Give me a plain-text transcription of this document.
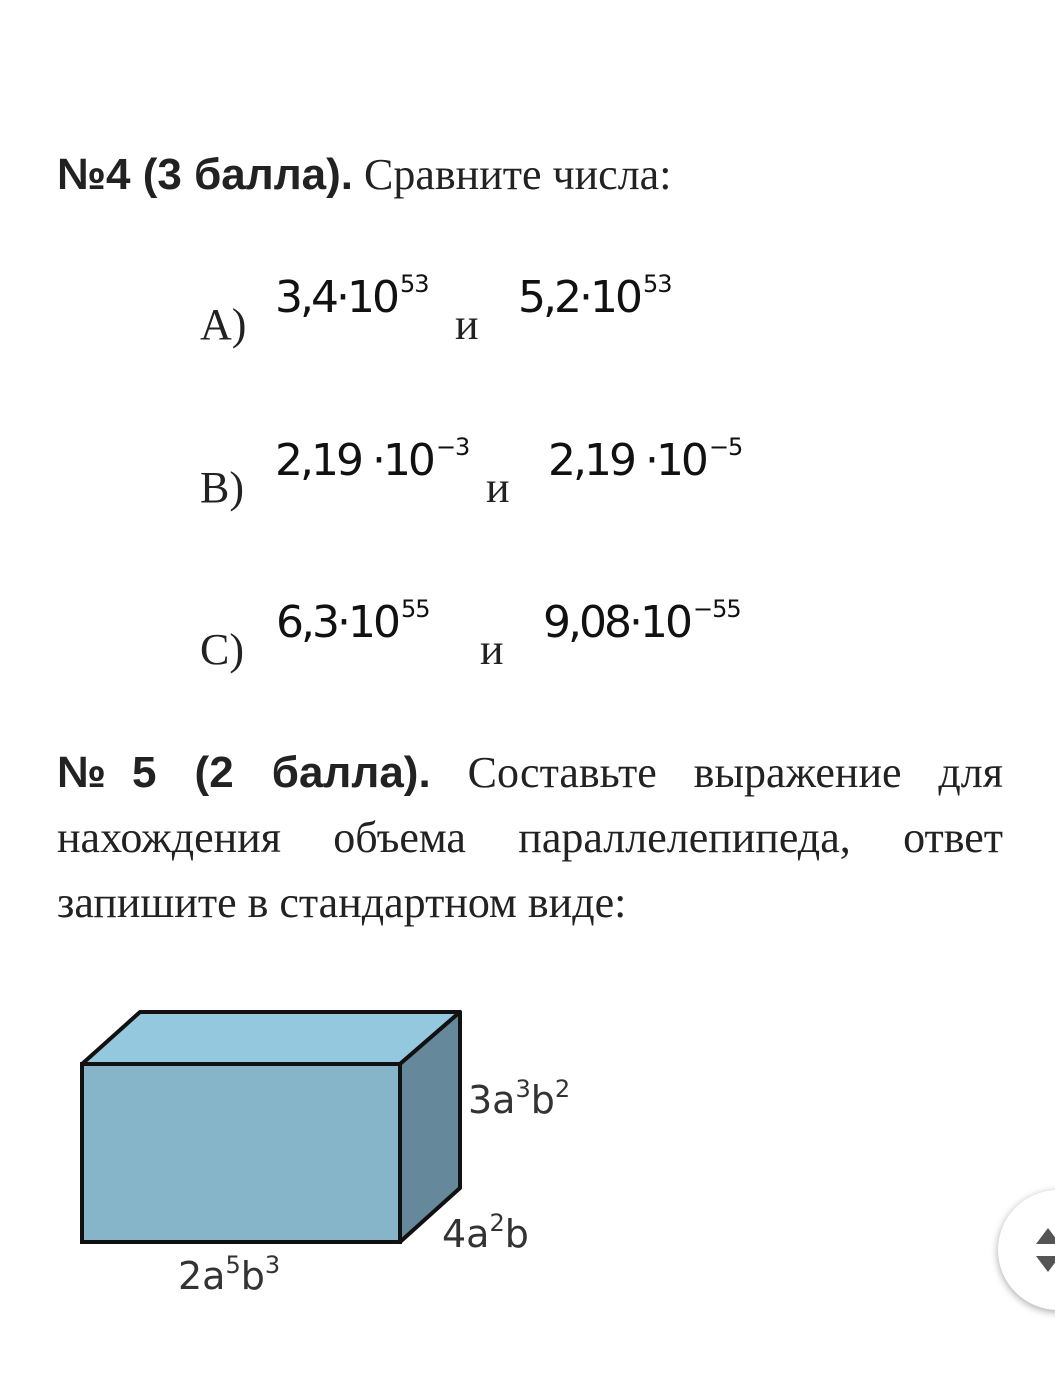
№4 (3 балла). Сравните числа:
A)
3,4·10 $^{53}$
и
5,2·10 $^{53}$
B)
2,19 ·10 $^{-3}$
и
2,19 ·10 $^{-5}$
C)
6,3·10 $^{55}$
и
9,08·10 $^{-55}$
№5 (2 балла). Составьте выражение для нахождения объема параллелепипеда, ответ запишите в стандартном виде:
$3a^3b^2$
$4a^2b$
$2a^5b^3$
